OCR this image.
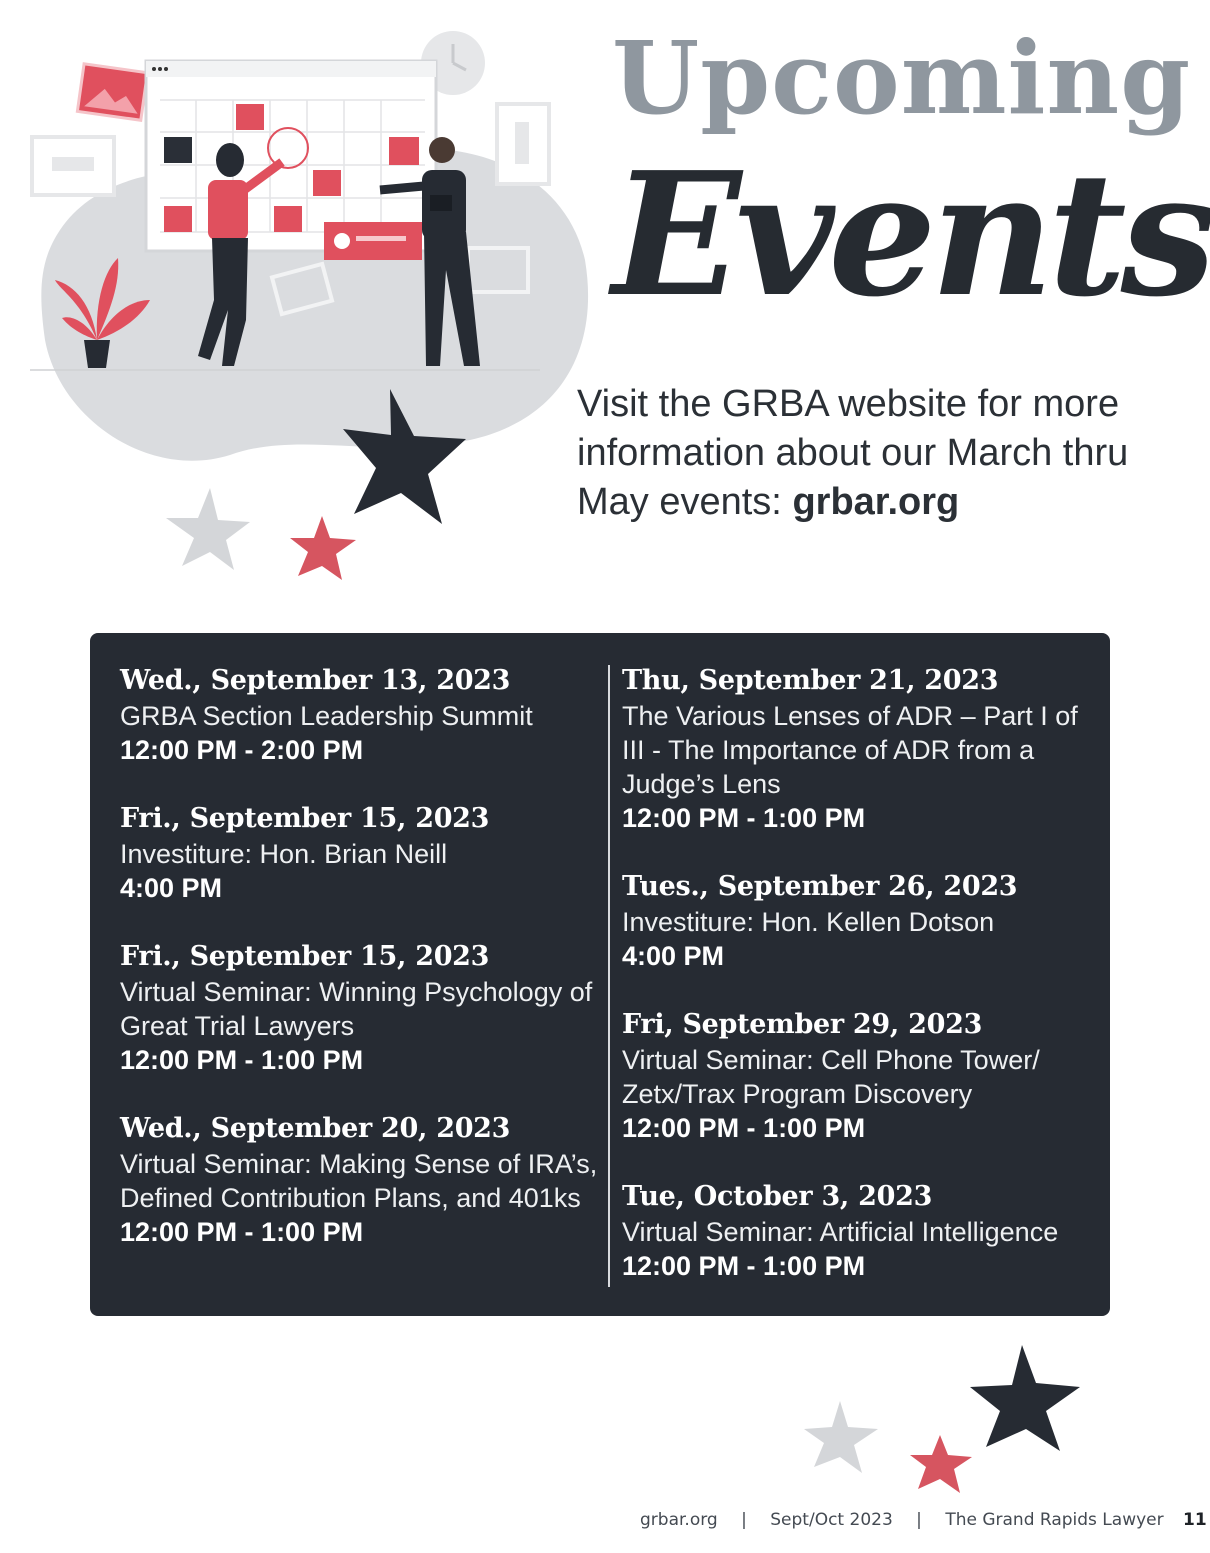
Upcoming
Events
Visit the GRBA website for more information about our March thru May events: grbar.org
Wed., September 13, 2023
GRBA Section Leadership Summit
12:00 PM - 2:00 PM
Fri., September 15, 2023
Investiture: Hon. Brian Neill
4:00 PM
Fri., September 15, 2023
Virtual Seminar: Winning Psychology of Great Trial Lawyers
12:00 PM - 1:00 PM
Wed., September 20, 2023
Virtual Seminar: Making Sense of IRA’s, Defined Contribution Plans, and 401ks
12:00 PM - 1:00 PM
Thu, September 21, 2023
The Various Lenses of ADR – Part I of III - The Importance of ADR from a Judge’s Lens
12:00 PM - 1:00 PM
Tues., September 26, 2023
Investiture: Hon. Kellen Dotson
4:00 PM
Fri, September 29, 2023
Virtual Seminar: Cell Phone Tower/ Zetx/Trax Program Discovery
12:00 PM - 1:00 PM
Tue, October 3, 2023
Virtual Seminar: Artificial Intelligence
12:00 PM - 1:00 PM
grbar.org | Sept/Oct 2023 | The Grand Rapids Lawyer 11
